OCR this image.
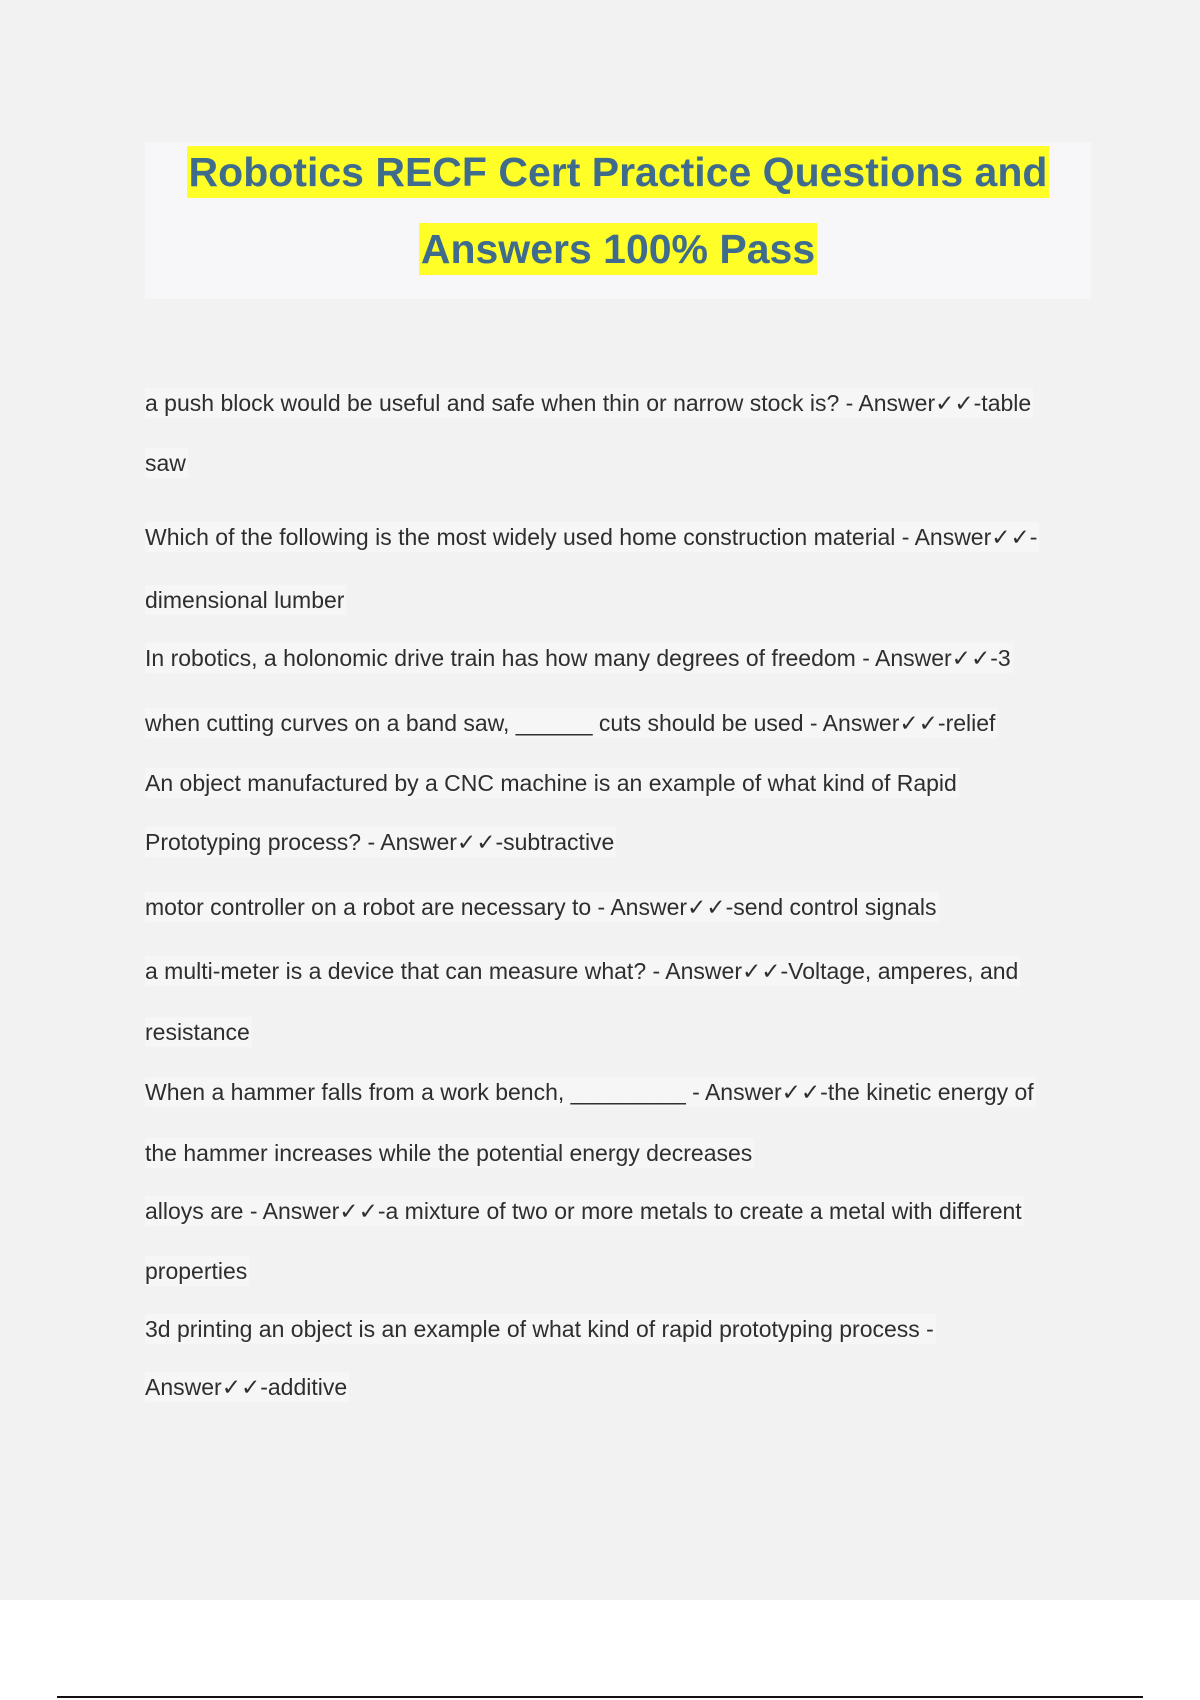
Robotics RECF Cert Practice Questions and
Answers 100% Pass
a push block would be useful and safe when thin or narrow stock is? - Answer✓✓-table
saw
Which of the following is the most widely used home construction material - Answer✓✓-
dimensional lumber
In robotics, a holonomic drive train has how many degrees of freedom - Answer✓✓-3
when cutting curves on a band saw, ______ cuts should be used - Answer✓✓-relief
An object manufactured by a CNC machine is an example of what kind of Rapid
Prototyping process? - Answer✓✓-subtractive
motor controller on a robot are necessary to - Answer✓✓-send control signals
a multi-meter is a device that can measure what? - Answer✓✓-Voltage, amperes, and
resistance
When a hammer falls from a work bench, _________ - Answer✓✓-the kinetic energy of
the hammer increases while the potential energy decreases
alloys are - Answer✓✓-a mixture of two or more metals to create a metal with different
properties
3d printing an object is an example of what kind of rapid prototyping process -
Answer✓✓-additive
